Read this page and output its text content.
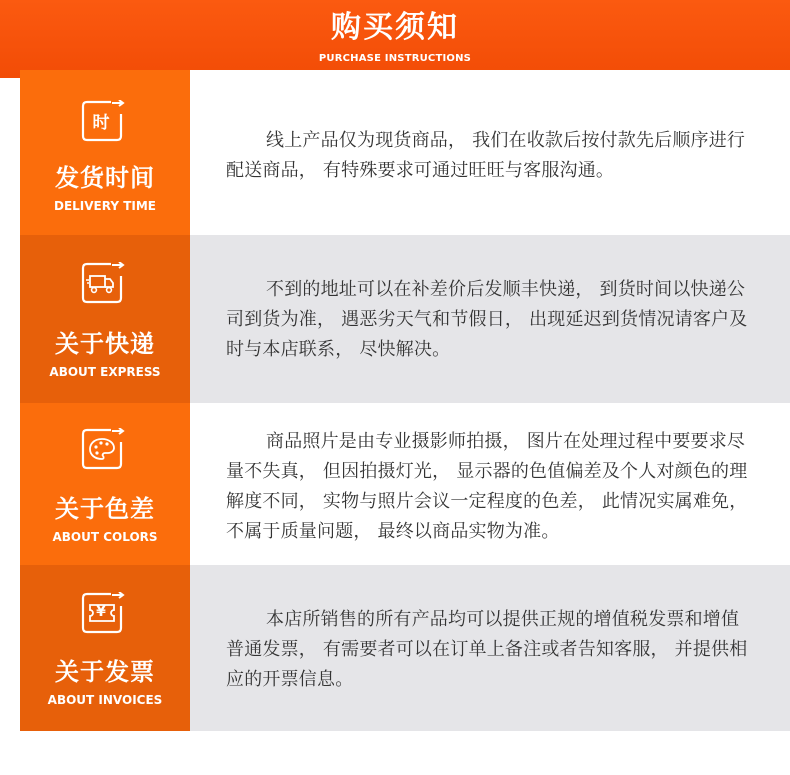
购买须知
PURCHASE INSTRUCTIONS
时
发货时间
DELIVERY TIME

线上产品仅为现货商品， 我们在收款后按付款先后顺序进行配送商品， 有特殊要求可通过旺旺与客服沟通。

关于快递
ABOUT EXPRESS

不到的地址可以在补差价后发顺丰快递， 到货时间以快递公司到货为准， 遇恶劣天气和节假日， 出现延迟到货情况请客户及时与本店联系， 尽快解决。

关于色差
ABOUT COLORS

商品照片是由专业摄影师拍摄， 图片在处理过程中要要求尽量不失真， 但因拍摄灯光， 显示器的色值偏差及个人对颜色的理解度不同， 实物与照片会议一定程度的色差， 此情况实属难免， 不属于质量问题， 最终以商品实物为准。

¥
关于发票
ABOUT INVOICES

本店所销售的所有产品均可以提供正规的增值税发票和增值普通发票， 有需要者可以在订单上备注或者告知客服， 并提供相应的开票信息。
